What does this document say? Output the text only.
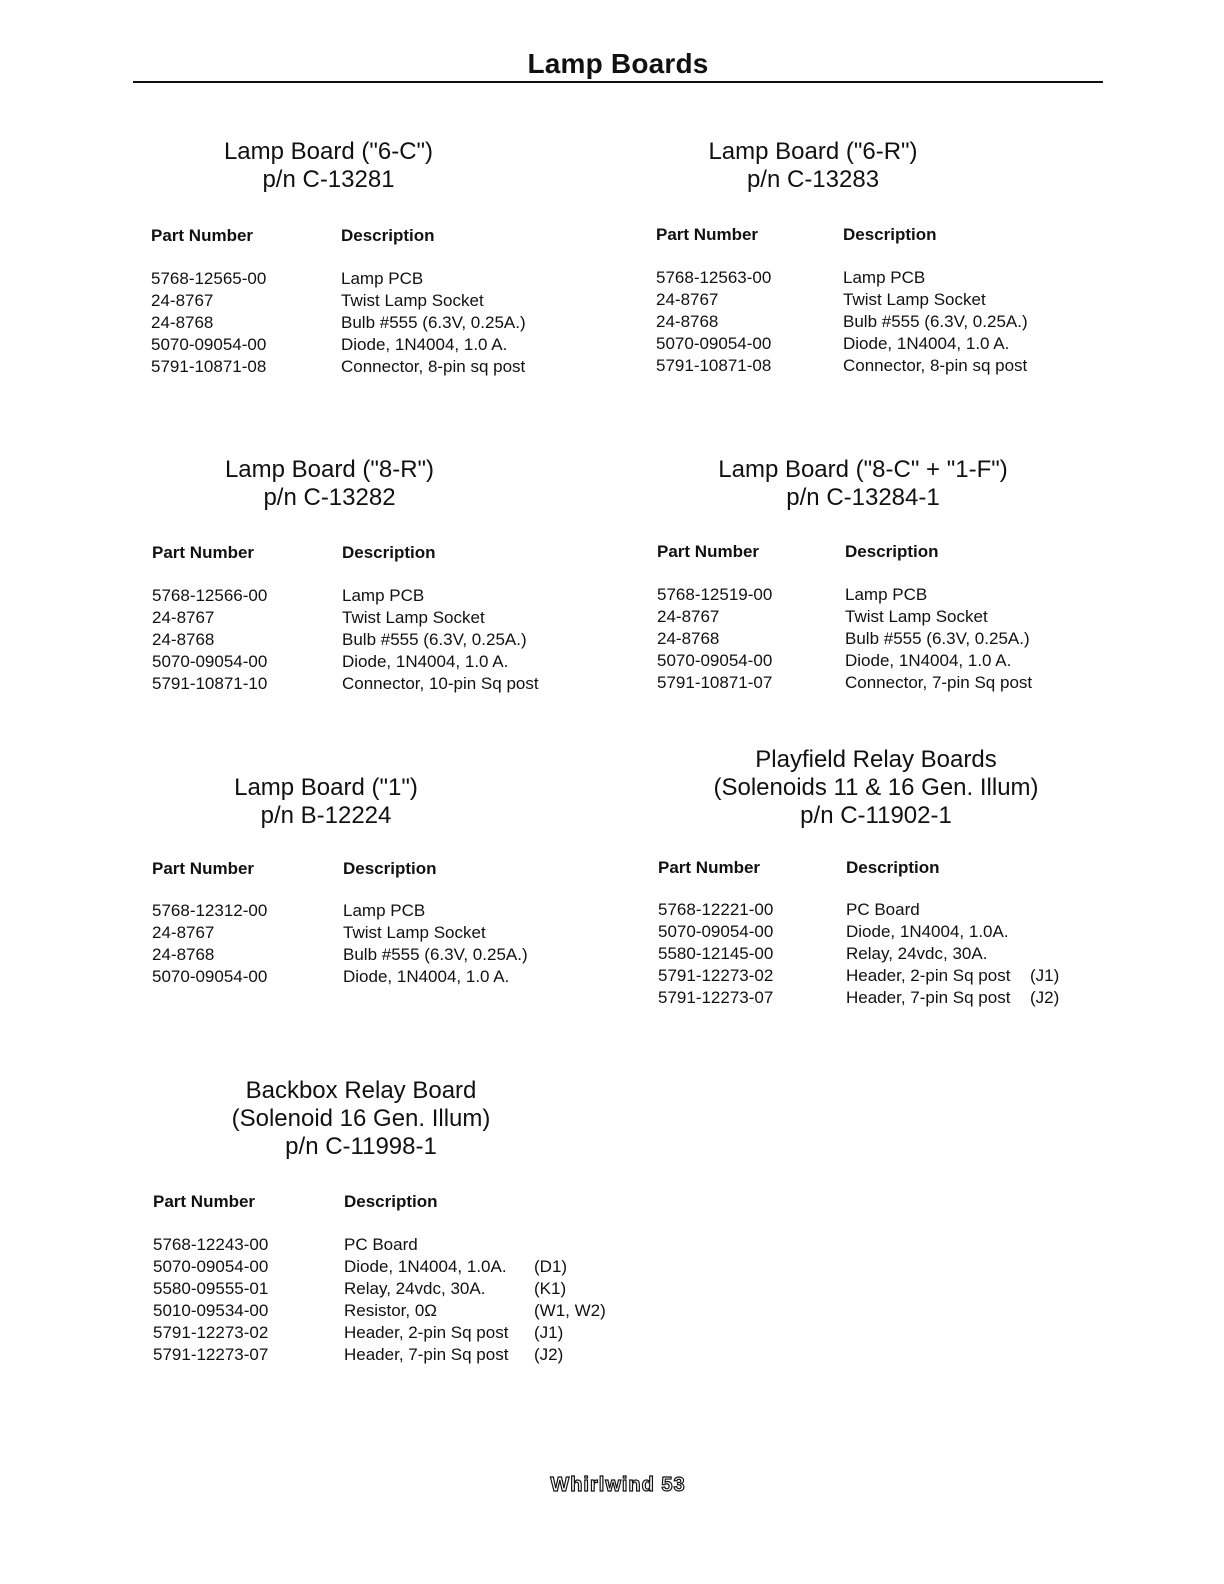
Lamp Boards
Lamp Board ("6-C")
p/n C-13281
Part Number	Description
5768-12565-00	Lamp PCB
24-8767	Twist Lamp Socket
24-8768	Bulb #555 (6.3V, 0.25A.)
5070-09054-00	Diode, 1N4004, 1.0 A.
5791-10871-08	Connector, 8-pin sq post
Lamp Board ("6-R")
p/n C-13283
Part Number	Description
5768-12563-00	Lamp PCB
24-8767	Twist Lamp Socket
24-8768	Bulb #555 (6.3V, 0.25A.)
5070-09054-00	Diode, 1N4004, 1.0 A.
5791-10871-08	Connector, 8-pin sq post
Lamp Board ("8-R")
p/n C-13282
Part Number	Description
5768-12566-00	Lamp PCB
24-8767	Twist Lamp Socket
24-8768	Bulb #555 (6.3V, 0.25A.)
5070-09054-00	Diode, 1N4004, 1.0 A.
5791-10871-10	Connector, 10-pin Sq post
Lamp Board ("8-C" + "1-F")
p/n C-13284-1
Part Number	Description
5768-12519-00	Lamp PCB
24-8767	Twist Lamp Socket
24-8768	Bulb #555 (6.3V, 0.25A.)
5070-09054-00	Diode, 1N4004, 1.0 A.
5791-10871-07	Connector, 7-pin Sq post
Lamp Board ("1")
p/n B-12224
Part Number	Description
5768-12312-00	Lamp PCB
24-8767	Twist Lamp Socket
24-8768	Bulb #555 (6.3V, 0.25A.)
5070-09054-00	Diode, 1N4004, 1.0 A.
Playfield Relay Boards
(Solenoids 11 & 16 Gen. Illum)
p/n C-11902-1
Part Number	Description
5768-12221-00	PC Board
5070-09054-00	Diode, 1N4004, 1.0A.
5580-12145-00	Relay, 24vdc, 30A.
5791-12273-02	Header, 2-pin Sq post (J1)
5791-12273-07	Header, 7-pin Sq post (J2)
Backbox Relay Board
(Solenoid 16 Gen. Illum)
p/n C-11998-1
Part Number	Description
5768-12243-00	PC Board
5070-09054-00	Diode, 1N4004, 1.0A. (D1)
5580-09555-01	Relay, 24vdc, 30A.	(K1)
5010-09534-00	Resistor, 0Ω	(W1, W2)
5791-12273-02	Header, 2-pin Sq post (J1)
5791-12273-07	Header, 7-pin Sq post (J2)
Whirlwind 53
